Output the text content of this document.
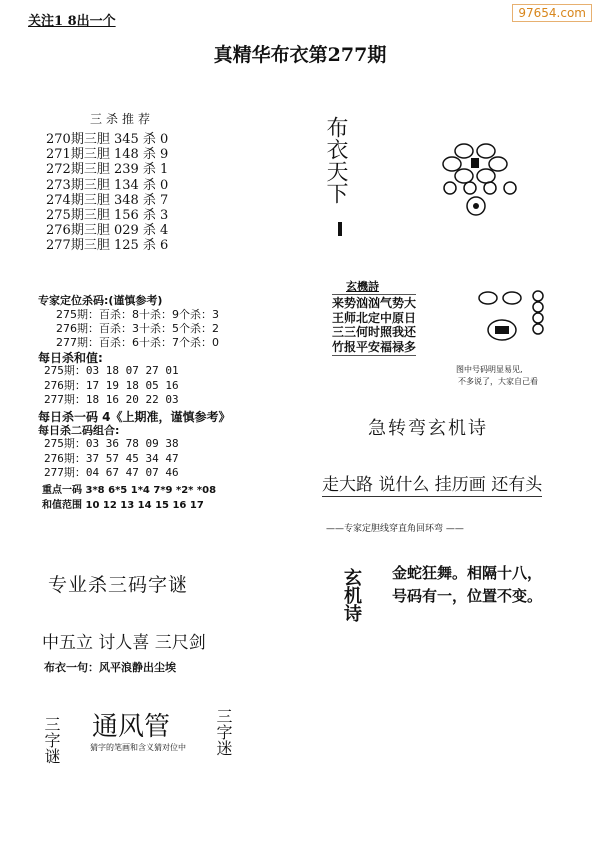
关注1 8出一个
97654.com
真精华布衣第277期
三杀推荐
270期三胆 345 杀 0
271期三胆 148 杀 9
272期三胆 239 杀 1
273期三胆 134 杀 0
274期三胆 348 杀 7
275期三胆 156 杀 3
276期三胆 029 杀 4
277期三胆 125 杀 6
专家定位杀码:(谨慎参考)
275期：百杀：8十杀：9个杀：3
276期：百杀：3十杀：5个杀：2
277期：百杀：6十杀：7个杀：0
每日杀和值:
275期：03 18 07 27 01
276期：17 19 18 05 16
277期：18 16 20 22 03
每日杀一码 4《上期准，谨慎参考》
每日杀二码组合:
275期：03 36 78 09 38
276期：37 57 45 34 47
277期：04 67 47 07 46
重点一码 3*8 6*5 1*4 7*9 *2* *08
和值范围 10 12 13 14 15 16 17
专业杀三码字谜
中五立 讨人喜 三尺剑
布衣一句：风平浪静出尘埃
三字谜 通风管
猜字的笔画和含义猜对位中 三字迷
布衣天下
玄機詩
来势汹汹气势大
王师北定中原日
三三何时照我还
竹报平安福禄多
图中号码明显易见,
不多说了，大家自己看
急转弯玄机诗
走大路 说什么 挂历画 还有头
——专家定胆线穿直角回环弯 ——
玄机诗 金蛇狂舞。相隔十八，
号码有一，位置不变。
